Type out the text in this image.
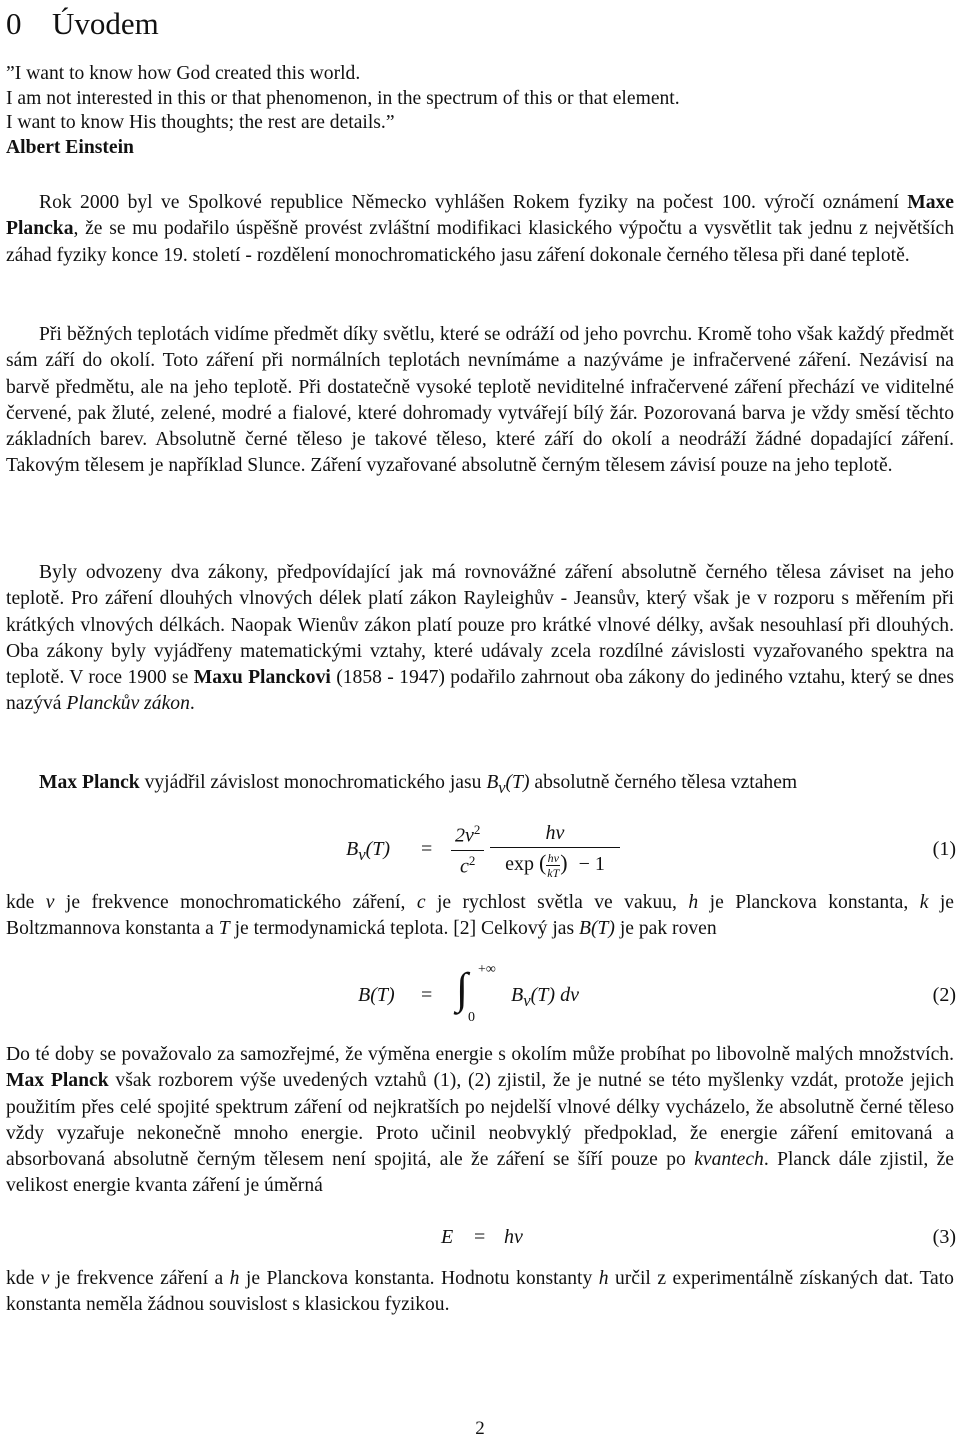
0 Úvodem
”I want to know how God created this world.
I am not interested in this or that phenomenon, in the spectrum of this or that element.
I want to know His thoughts; the rest are details.”
Albert Einstein

Rok 2000 byl ve Spolkové republice Německo vyhlášen Rokem fyziky na počest 100. výročí oznámení Maxe Plancka, že se mu podařilo úspěšně provést zvláštní modifikaci klasického výpočtu a vysvětlit tak jednu z největších záhad fyziky konce 19. století - rozdělení monochromatického jasu záření dokonale černého tělesa při dané teplotě.

Při běžných teplotách vidíme předmět díky světlu, které se odráží od jeho povrchu. Kromě toho však každý předmět sám září do okolí. Toto záření při normálních teplotách nevnímáme a nazýváme je infračervené záření. Nezávisí na barvě předmětu, ale na jeho teplotě. Při dostatečně vysoké teplotě neviditelné infračervené záření přechází ve viditelné červené, pak žluté, zelené, modré a fialové, které dohromady vytvářejí bílý žár. Pozorovaná barva je vždy směsí těchto základních barev. Absolutně černé těleso je takové těleso, které září do okolí a neodráží žádné dopadající záření. Takovým tělesem je například Slunce. Záření vyzařované absolutně černým tělesem závisí pouze na jeho teplotě.

Byly odvozeny dva zákony, předpovídající jak má rovnovážné záření absolutně černého tělesa záviset na jeho teplotě. Pro záření dlouhých vlnových délek platí zákon Rayleighův - Jeansův, který však je v rozporu s měřením při krátkých vlnových délkách. Naopak Wienův zákon platí pouze pro krátké vlnové délky, avšak nesouhlasí při dlouhých. Oba zákony byly vyjádřeny matematickými vztahy, které udávaly zcela rozdílné závislosti vyzařovaného spektra na teplotě. V roce 1900 se Maxu Planckovi (1858 - 1947) podařilo zahrnout oba zákony do jediného vztahu, který se dnes nazývá Planckův zákon.

Max Planck vyjádřil závislost monochromatického jasu $B_\nu(T)$ absolutně černého tělesa vztahem

$B_\nu(T) = \frac{2\nu^2}{c^2} \frac{h\nu}{\exp ( \frac{h\nu}{kT} ) - 1}$	(1)

kde ν je frekvence monochromatického záření, c je rychlost světla ve vakuu, h je Planckova konstanta, k je Boltzmannova konstanta a T je termodynamická teplota. [2] Celkový jas B(T) je pak roven

B(T) = ∫ +∞
0
$B_\nu(T)$ dν	(2)

Do té doby se považovalo za samozřejmé, že výměna energie s okolím může probíhat po libovolně malých množstvích. Max Planck však rozborem výše uvedených vztahů (1), (2) zjistil, že je nutné se této myšlenky vzdát, protože jejich použitím přes celé spojité spektrum záření od nejkratších po nejdelší vlnové délky vycházelo, že absolutně černé těleso vždy vyzařuje nekonečně mnoho energie. Proto učinil neobvyklý předpoklad, že energie záření emitovaná a absorbovaná absolutně černým tělesem není spojitá, ale že záření se šíří pouze po kvantech. Planck dále zjistil, že velikost energie kvanta záření je úměrná

E = hν	(3)

kde ν je frekvence záření a h je Planckova konstanta. Hodnotu konstanty h určil z experimentálně získaných dat. Tato konstanta neměla žádnou souvislost s klasickou fyzikou.

2
